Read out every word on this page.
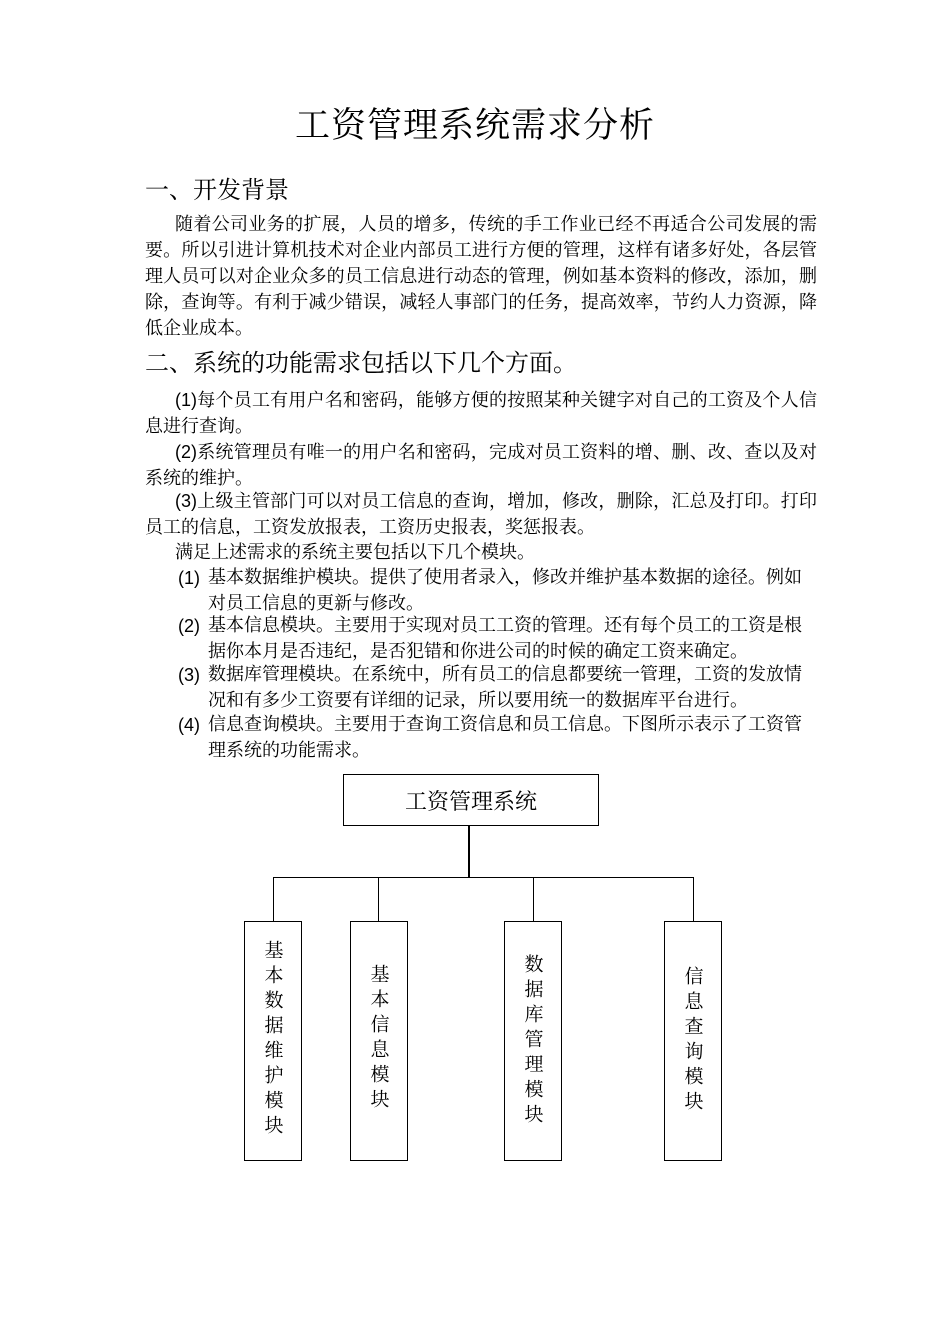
工资管理系统需求分析
一、开发背景

随着公司业务的扩展，人员的增多，传统的手工作业已经不再适合公司发展的需要。所以引进计算机技术对企业内部员工进行方便的管理，这样有诸多好处，各层管理人员可以对企业众多的员工信息进行动态的管理，例如基本资料的修改，添加，删除，查询等。有利于减少错误，减轻人事部门的任务，提高效率，节约人力资源，降低企业成本。

二、系统的功能需求包括以下几个方面。

(1)每个员工有用户名和密码，能够方便的按照某种关键字对自己的工资及个人信息进行查询。

(2)系统管理员有唯一的用户名和密码，完成对员工资料的增、删、改、查以及对系统的维护。

(3)上级主管部门可以对员工信息的查询，增加，修改，删除，汇总及打印。打印员工的信息，工资发放报表，工资历史报表，奖惩报表。

满足上述需求的系统主要包括以下几个模块。

(1) 基本数据维护模块。提供了使用者录入，修改并维护基本数据的途径。例如对员工信息的更新与修改。
(2) 基本信息模块。主要用于实现对员工工资的管理。还有每个员工的工资是根据你本月是否违纪，是否犯错和你进公司的时候的确定工资来确定。
(3) 数据库管理模块。在系统中，所有员工的信息都要统一管理，工资的发放情况和有多少工资要有详细的记录，所以要用统一的数据库平台进行。
(4) 信息查询模块。主要用于查询工资信息和员工信息。下图所示表示了工资管理系统的功能需求。
工资管理系统
基本数据维护模块	基本信息模块	数据库管理模块	信息查询模块
